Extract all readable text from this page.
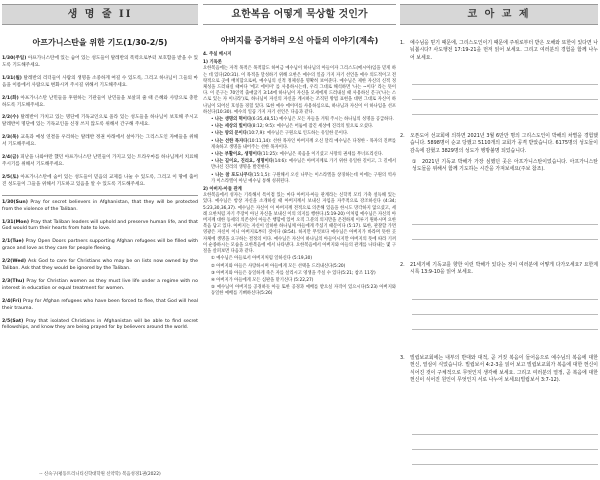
생 명 줄 II
아프가니스탄을 위한 기도(1/30-2/5)

1/30(주일) 아프가니스탄에 있는 숨어 있는 성도들이 탈레반의 폭력으로부터 보호함을 받을 수 있도록 기도해주세요.

1/31(월) 탈레반의 리더들이 사람의 생명을 소중하게 여길 수 있도록, 그리고 하나님이 그들의 마음을 이룸에서 사람으로 변화시켜 주시길 위해서 기도해주세요.

2/1(화) 아프가니스탄 난민들을 후원하는 기관들이 난민들을 보살피 줄 때 은혜와 사랑으로 충만하도록 기도해주세요.

2/2(수) 탈레반이 가치고 있는 명단에 기독교인으로 올라 있는 성도들을 하나님이 보호해 주시고 탈레반이 명단에 있는 기독교인을 신경 쓰지 않도록 위해서 간구해 주세요.

2/3(목) 교육과 예성 연결을 우리하는 탈레반 정권 아래에서 살아가는 그리스도인 자매들을 위해서 기도해주세요.

2/4(금) 피난을 나와야만 했던 아프가니스탄 난민들이 가지고 있는 트라우마를 하나님께서 치료해 주시기를 위해서 기도해주세요.

2/5(토) 아프가니스탄에 숨어 있는 성도들이 믿음의 교제를 나눌 수 있도록, 그리고 이 땅에 출어진 성도들이 그들을 위해서 기도하고 있음을 알 수 있도록 기도해주세요.

1/30(Sun) Pray for secret believers in Afghanistan, that they will be protected from the violence of the Taliban.

1/31(Mon) Pray that Taliban leaders will uphold and preserve human life, and that God would turn their hearts from hate to love.

2/1(Tue) Pray Open Doors partners supporting Afghan refugees will be filled with grace and love as they care for people fleeing.

2/2(Wed) Ask God to care for Christians who may be on lists now owned by the Taliban. Ask that they would be ignored by the Taliban.

2/3(Thu) Pray for Christian women as they must live life under a regime with no interest in education or equal treatment for women.

2/4(Fri) Pray for Afghan refugees who have been forced to flee, that God will heal their trauma.

2/5(Sat) Pray that isolated Christians in Afghanistan will be able to find secret fellowships, and know they are being prayed for by believers around the world.

-- 신숙구(평동트리니티신학대학원 신약학) 복음성경1권(2022)
요한복음 어떻게 묵상할 것인가
아버지를 증거하러 오신 아들의 이야기(계속)
4. 주실 메시지
1) 기독론

요한복음에는 자적 목적은 목적함도 하여금 예수님이 하나님의 아들이자 그리스도(메시아)임을 믿게 하는 데 있다(20:31). 이 목적을 달성하기 위해 요한은 예수의 일곱 가지 자기 선언을 예수 의도적이고 전략적으로 곳에 배치함으로써, 예수님의 신적 정체성을 명확히 보여준다. 예수님은 제한 자신의 신적 정체성을 드러내실 때마다 '에고 에이미' 를 사용하시는데, 우리 그대로 해석하면 '나는 ~이다' 라는 뜻이다. 이 문구는 70인역 출애굽기 3:14에 하나님이 자신을 모세에게 드러내실 때 사용하신 문구('나는 스스로 있는 자 이니라')로, 하나님이 자신의 자신을 계시하는 조직된 방법 표현을 대변 그대로 자신이 하나님이 되어신 호칭을 경험 있다. 또한 예수 에이미를 사용하심으로, 하나님과 자신이 이 하나임을 선포하신다(10:30). 예수의 일곱 가지 자기 선언은 다음과 같다.

• 나는 생명의 떡이다(6:35,48,51) 예수님은 모든 자들을 겨워 주시는 하나님의 성명을 공급하다.
• 나는 세상의 빛이다(8:12; 9:5): 예수님은 어둠에 잠긴 세상에 진리의 빛으로 오셨다.
• 나는 양의 문이다(10:7,9): 예수님은 구원으로 인도하는 유일한 문이다.
• 나는 선한 목자다(10:11,14): 선한 목자인 아버지께 오신 달리 예수님은 다정한 - 목자의 진쁘를 게속하고 생명을 내어주는 선한 목자이다.
• 나는 부활이요, 생명이다(11:25): 예수님은 죽음을 이기셨고 사망의 권세를 무너뜨리신다.
• 나는 길이요, 진리요, 생명이다(14:6): 예수님은 아버지께로 가기 위한 유일한 길이고, 그 길에서 만나신 진리의 생명을 발견한다.
• 나는 참 포도나무다(15:1,5): 구원해서 오신 나무는 이스라엘을 상징하는데 이에는 구원의 역사가 이스라엘이 아닌 예수님 통해 성취된다.
2) 아버지-아들 관계

요한복음에서 성자는 기록해서 특이점 있는 마다 아버지-아들 관계라는 신학적 모티 가축 설득해 있는 있다. 예수님은 항상 자신을 소개하실 때 아버지께서 보내신 자임을 자주적으로 강조하신다 (4:34; 5:23,30,36,37). 예수님은 자신이 이 아버지께 전적으로 의존해 있음을 한시도 망각하지 않으셨고, 세례 요한처럼 자기 주장이 아닌 자신을 보내신 이의 의지를 행한다.(5:19-20) 이처럼 예수님은 자신의 아버지께 대한 동세의 의존성이 아들은 행함에 있어 오직 그분의 의지만을 온전하게 이루기 원하시며 요한복음 담고 있다. 아버지는 자신이 일하한 하나님께 아들에게 주셨기 때문이다 (5:17). 또한, 관찰할 가면 영광은 자신이 이니 아버지로부터 것이다 (8:54). 하지만 무엇보다 예수님은 아버지가 바라며 뜻한 곳 자체에 생명을 요구하는 결정의 이다. 예수님은 자신이 하나님의 아들이시지만 아버지의 뜻에 따라 기꺼이 순종하시는 모습을 요한복음에 에서 나타낸다. 요한복음에서 아버지와 아들의 관계를 나타내는 몇 구절을 살펴보면 다음과 같다.

① 예수님은 아들로서 아버지처럼 일하신다 (5:19,30)
② 아버지와 아들은 사랑하시며 아들에게 모든 선택을 드러내신다(5:20)
③ 아버지와 아들은 동일하게 죽은 자를 살리시고 영생을 주실 수 있다(5:21; 참조 11장)
④ 아버지가 아들에게 모든 심판을 맡기신다 (5:22,27)
⑤ 예수님이 아버지를 공경하듯 아들 또한 공경과 예배를 받으실 자격이 있으시다(5:23) 아버지와 동일한 예배를 기뻐하신다(5:26)
코 아 교 제
1. 예수님을 믿기 때문에, 그리스도인이기 때문에 주위로부터 받은 오해와 또한이 있다면 나눠봅시다? 사도행전 17:19-21을 먼저 읽어 보세요. 그리고 여러분의 경험을 함께 나누어 보세요.
2. 오픈도어 선교회에 의하면 2021년 3월 6만만 명의 그리스도인이 박해의 차별을 경험했습니다. 5898명이 순교 당했고 5110개의 교회가 공격 받았습니다. 6175명의 성도들이 감옥에 감혔고 3829명의 성도가 행방불명 되었습니다.
① 2021년 기독교 박해가 가장 심했던 곳은 아프가니스탄이었습니다. 아프가니스탄 성도들을 위해서 함께 기도하는 시간을 가져보세요(주보 참조).
2. 21세기에 기독교를 향한 이런 박해가 있다는 것이 여러분에 어떻게 다가오세요? 요한계시록 13:9-10을 읽어 보세요.
3. 빌립보교회에는 내부의 반대와 대적, 곧 거짓 복음이 들어옴으로 예수님의 복음에 대한 헌신, 열심이 식었습니다. 빌립보서 4:2-3을 읽어 보고 빌립보교회가 복음에 대한 헌신이 식어진 것이 구체적으로 무엇인지 생각해 보세요. 그리고 여러분의 열정, 곧 복음에 대한 헌신이 식어진 원인이 무엇인지 서로 나누어 보세요(빌립보서 3:7-12).
